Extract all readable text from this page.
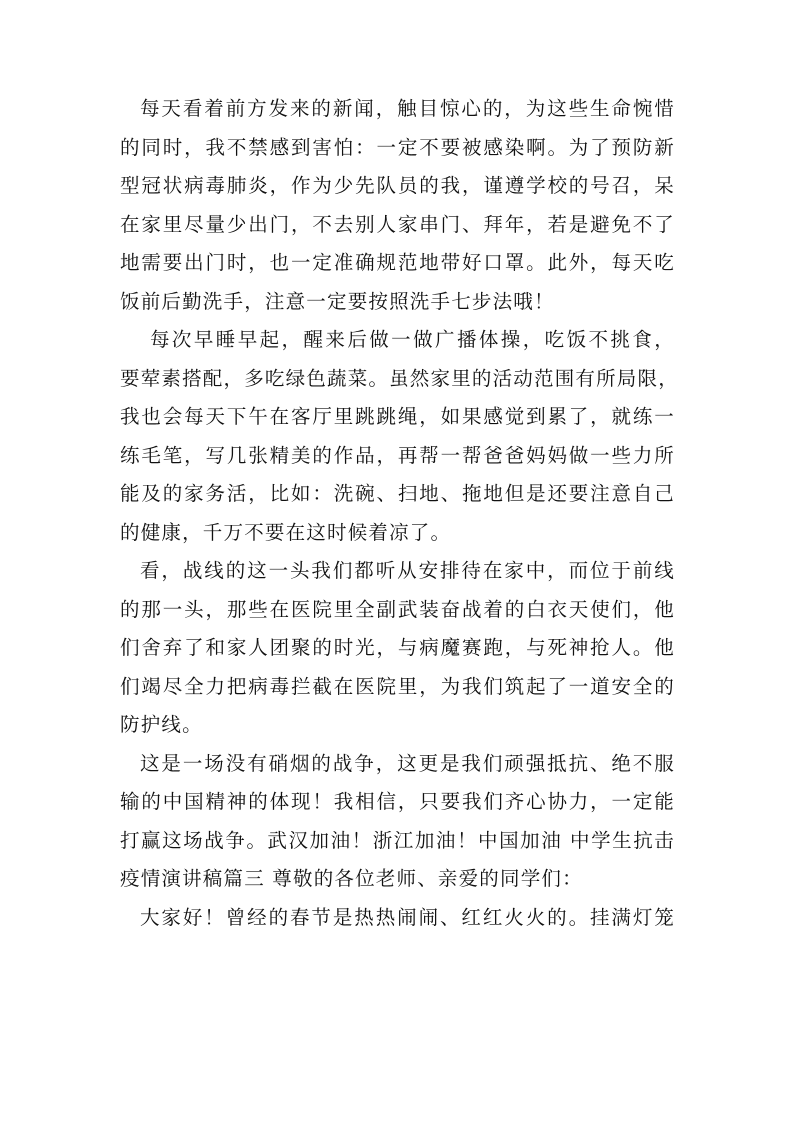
每天看着前方发来的新闻，触目惊心的，为这些生命惋惜
的同时，我不禁感到害怕：一定不要被感染啊。为了预防新
型冠状病毒肺炎，作为少先队员的我，谨遵学校的号召，呆
在家里尽量少出门，不去别人家串门、拜年，若是避免不了
地需要出门时，也一定准确规范地带好口罩。此外，每天吃
饭前后勤洗手，注意一定要按照洗手七步法哦！

每次早睡早起，醒来后做一做广播体操，吃饭不挑食，
要荤素搭配，多吃绿色蔬菜。虽然家里的活动范围有所局限，
我也会每天下午在客厅里跳跳绳，如果感觉到累了，就练一
练毛笔，写几张精美的作品，再帮一帮爸爸妈妈做一些力所
能及的家务活，比如：洗碗、扫地、拖地但是还要注意自己
的健康，千万不要在这时候着凉了。

看，战线的这一头我们都听从安排待在家中，而位于前线
的那一头，那些在医院里全副武装奋战着的白衣天使们，他
们舍弃了和家人团聚的时光，与病魔赛跑，与死神抢人。他
们竭尽全力把病毒拦截在医院里，为我们筑起了一道安全的
防护线。

这是一场没有硝烟的战争，这更是我们顽强抵抗、绝不服
输的中国精神的体现！我相信，只要我们齐心协力，一定能
打赢这场战争。武汉加油！浙江加油！中国加油 中学生抗击
疫情演讲稿篇三 尊敬的各位老师、亲爱的同学们：

大家好！曾经的春节是热热闹闹、红红火火的。挂满灯笼
